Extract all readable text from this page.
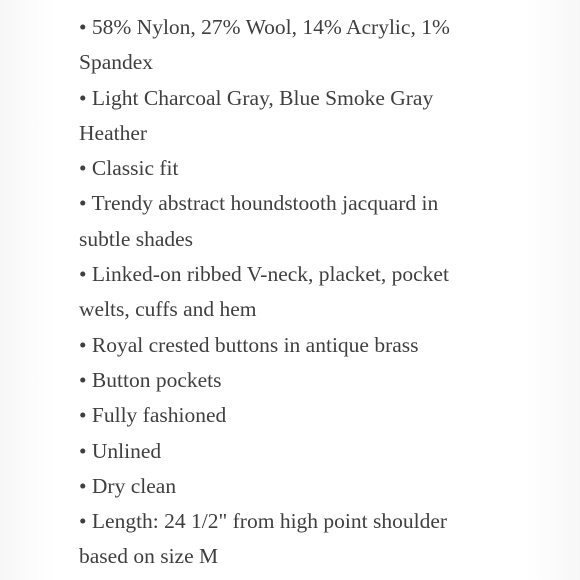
• 58% Nylon, 27% Wool, 14% Acrylic, 1%

Spandex

• Light Charcoal Gray, Blue Smoke Gray

Heather

• Classic fit

• Trendy abstract houndstooth jacquard in

subtle shades

• Linked-on ribbed V-neck, placket, pocket

welts, cuffs and hem

• Royal crested buttons in antique brass

• Button pockets

• Fully fashioned

• Unlined

• Dry clean

• Length: 24 1/2" from high point shoulder

based on size M
